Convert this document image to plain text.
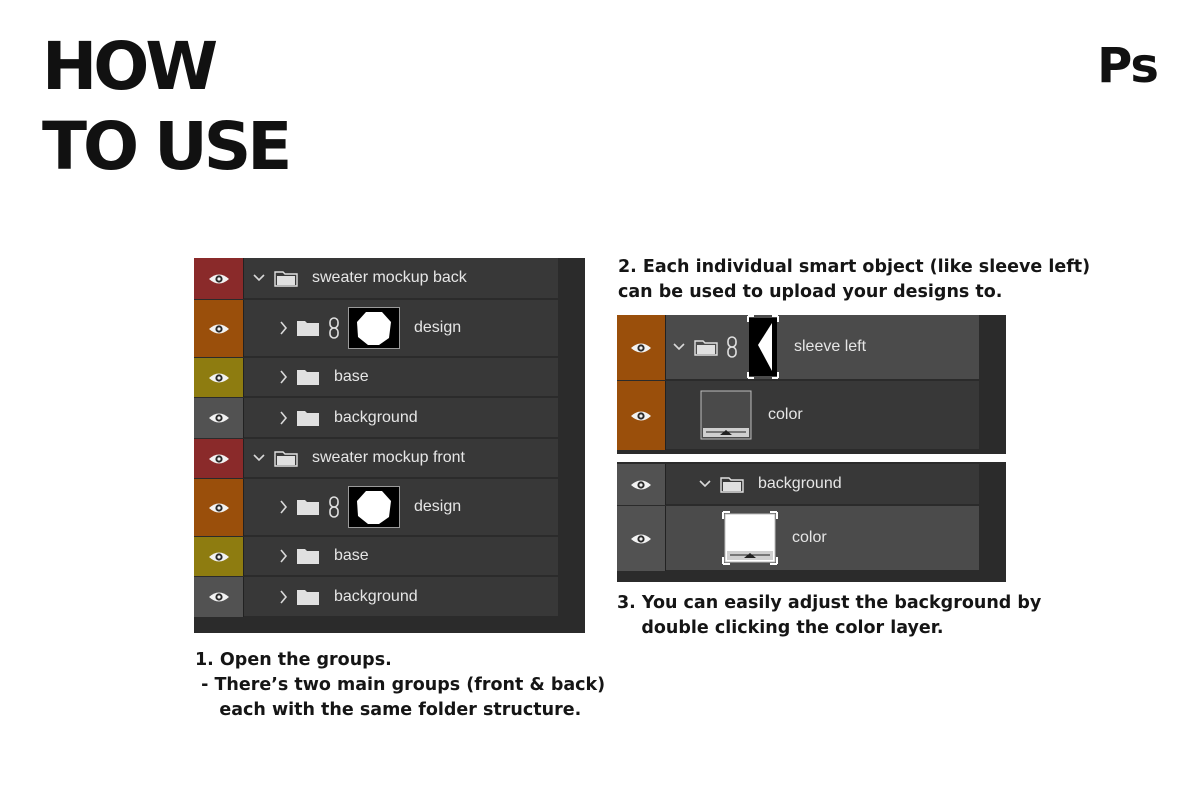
HOW
TO USE
Ps
sweater mockup back
design
base
background
sweater mockup front
design
base
background
sleeve left
color
background
color
1. Open the groups.
- There’s two main groups (front & back)
each with the same folder structure.
2. Each individual smart object (like sleeve left)
can be used to upload your designs to.
3. You can easily adjust the background by
double clicking the color layer.
